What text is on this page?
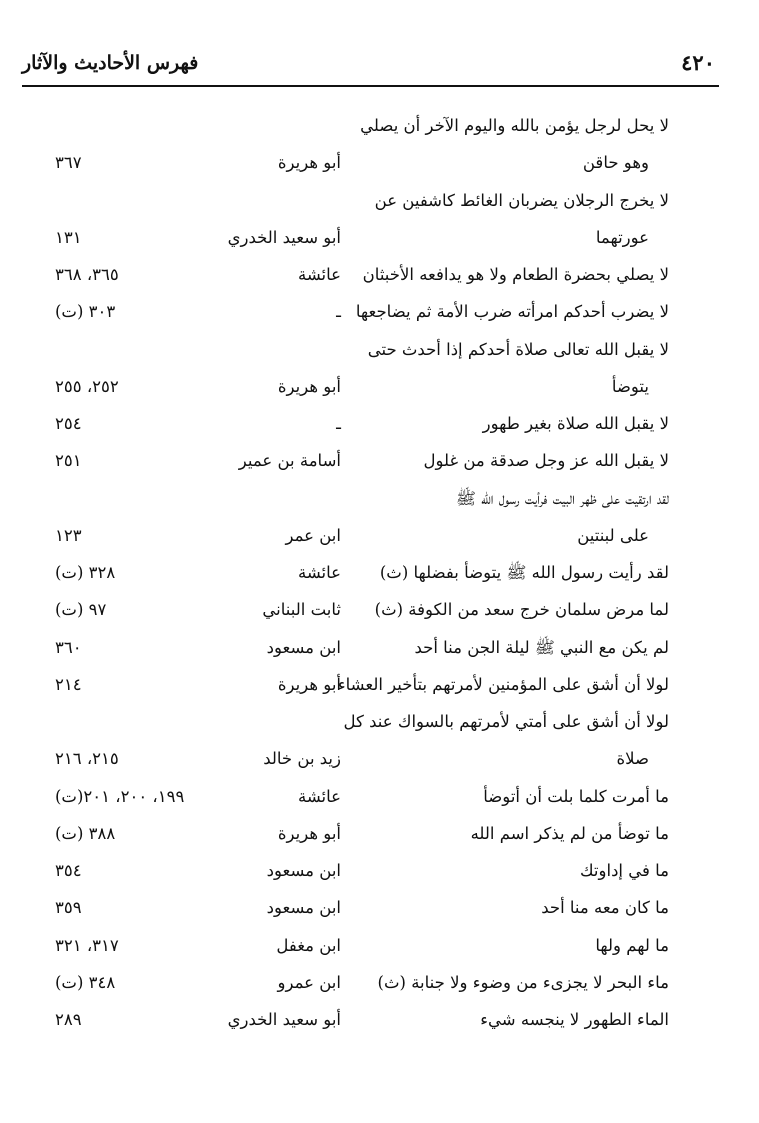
فهرس الأحاديث والآثار	٤٢٠
لا يحل لرجل يؤمن بالله واليوم الآخر أن يصلي
وهو حاقن
أبو هريرة
٣٦٧
لا يخرج الرجلان يضربان الغائط كاشفين عن
عورتهما
أبو سعيد الخدري
١٣١
لا يصلي بحضرة الطعام ولا هو يدافعه الأخبثان
عائشة
٣٦٥، ٣٦٨
لا يضرب أحدكم امرأته ضرب الأمة ثم يضاجعها
ـ
٣٠٣ (ت)
لا يقبل الله تعالى صلاة أحدكم إذا أحدث حتى
يتوضأ
أبو هريرة
٢٥٢، ٢٥٥
لا يقبل الله صلاة بغير طهور
ـ
٢٥٤
لا يقبل الله عز وجل صدقة من غلول
أسامة بن عمير
٢٥١
لقد ارتقيت على ظهر البيت فرأيت رسول الله ﷺ
على لبنتين
ابن عمر
١٢٣
لقد رأيت رسول الله ﷺ يتوضأ بفضلها (ث)
عائشة
٣٢٨ (ت)
لما مرض سلمان خرج سعد من الكوفة (ث)
ثابت البناني
٩٧ (ت)
لم يكن مع النبي ﷺ ليلة الجن منا أحد
ابن مسعود
٣٦٠
لولا أن أشق على المؤمنين لأمرتهم بتأخير العشاء
أبو هريرة
٢١٤
لولا أن أشق على أمتي لأمرتهم بالسواك عند كل
صلاة
زيد بن خالد
٢١٥، ٢١٦
ما أمرت كلما بلت أن أتوضأ
عائشة
١٩٩، ٢٠٠، ٢٠١(ت)
ما توضأ من لم يذكر اسم الله
أبو هريرة
٣٨٨ (ت)
ما في إداوتك
ابن مسعود
٣٥٤
ما كان معه منا أحد
ابن مسعود
٣٥٩
ما لهم ولها
ابن مغفل
٣١٧، ٣٢١
ماء البحر لا يجزىء من وضوء ولا جنابة (ث)
ابن عمرو
٣٤٨ (ت)
الماء الطهور لا ينجسه شيء
أبو سعيد الخدري
٢٨٩
